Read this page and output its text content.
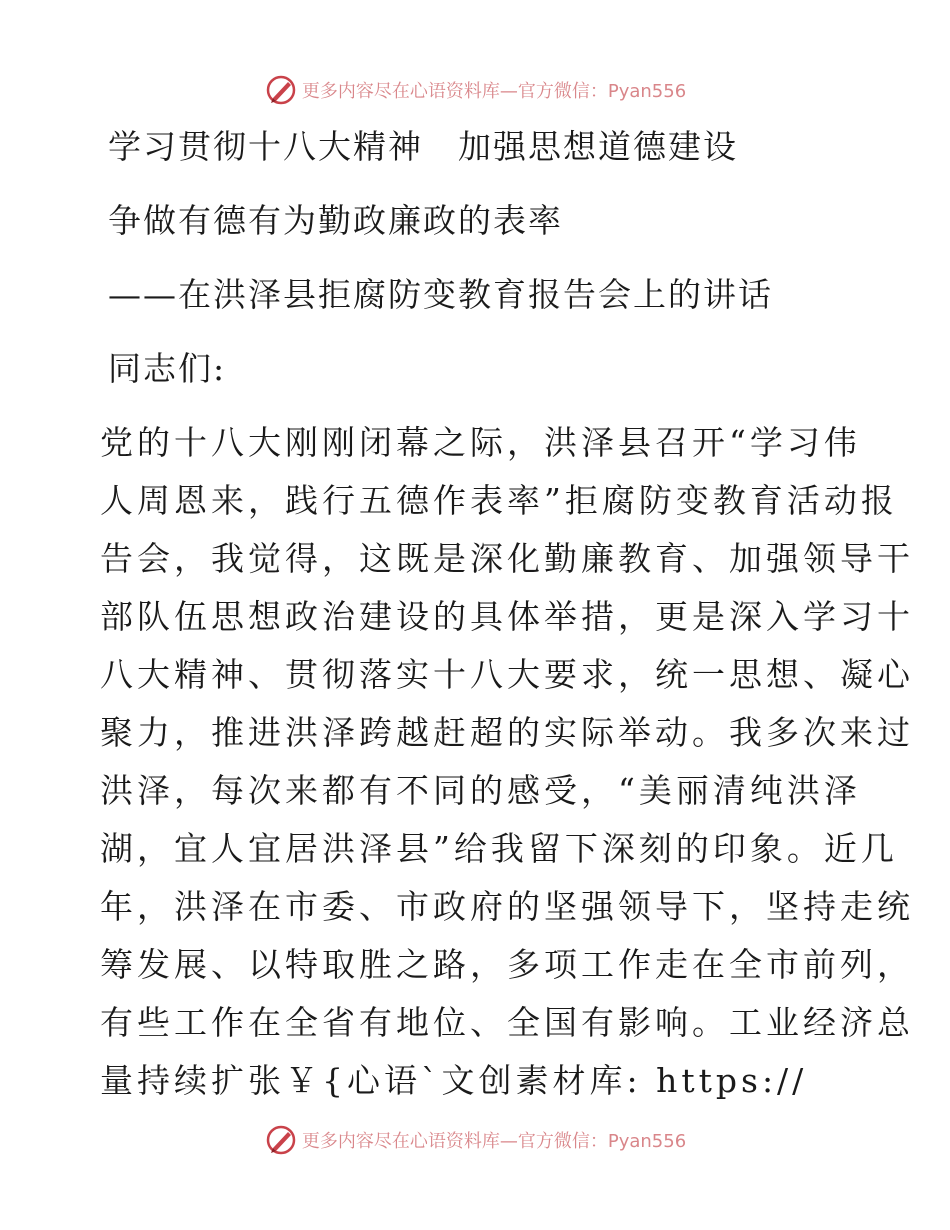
更多内容尽在心语资料库—官方微信：Pyan556
学习贯彻十八大精神　加强思想道德建设
争做有德有为勤政廉政的表率
——在洪泽县拒腐防变教育报告会上的讲话
同志们:
党的十八大刚刚闭幕之际，洪泽县召开“学习伟
人周恩来，践行五德作表率”拒腐防变教育活动报
告会，我觉得，这既是深化勤廉教育、加强领导干
部队伍思想政治建设的具体举措，更是深入学习十
八大精神、贯彻落实十八大要求，统一思想、凝心
聚力，推进洪泽跨越赶超的实际举动。我多次来过
洪泽，每次来都有不同的感受，“美丽清纯洪泽
湖，宜人宜居洪泽县”给我留下深刻的印象。近几
年，洪泽在市委、市政府的坚强领导下，坚持走统
筹发展、以特取胜之路，多项工作走在全市前列，
有些工作在全省有地位、全国有影响。工业经济总
量持续扩张￥{心语`文创素材库: https://
更多内容尽在心语资料库—官方微信：Pyan556
